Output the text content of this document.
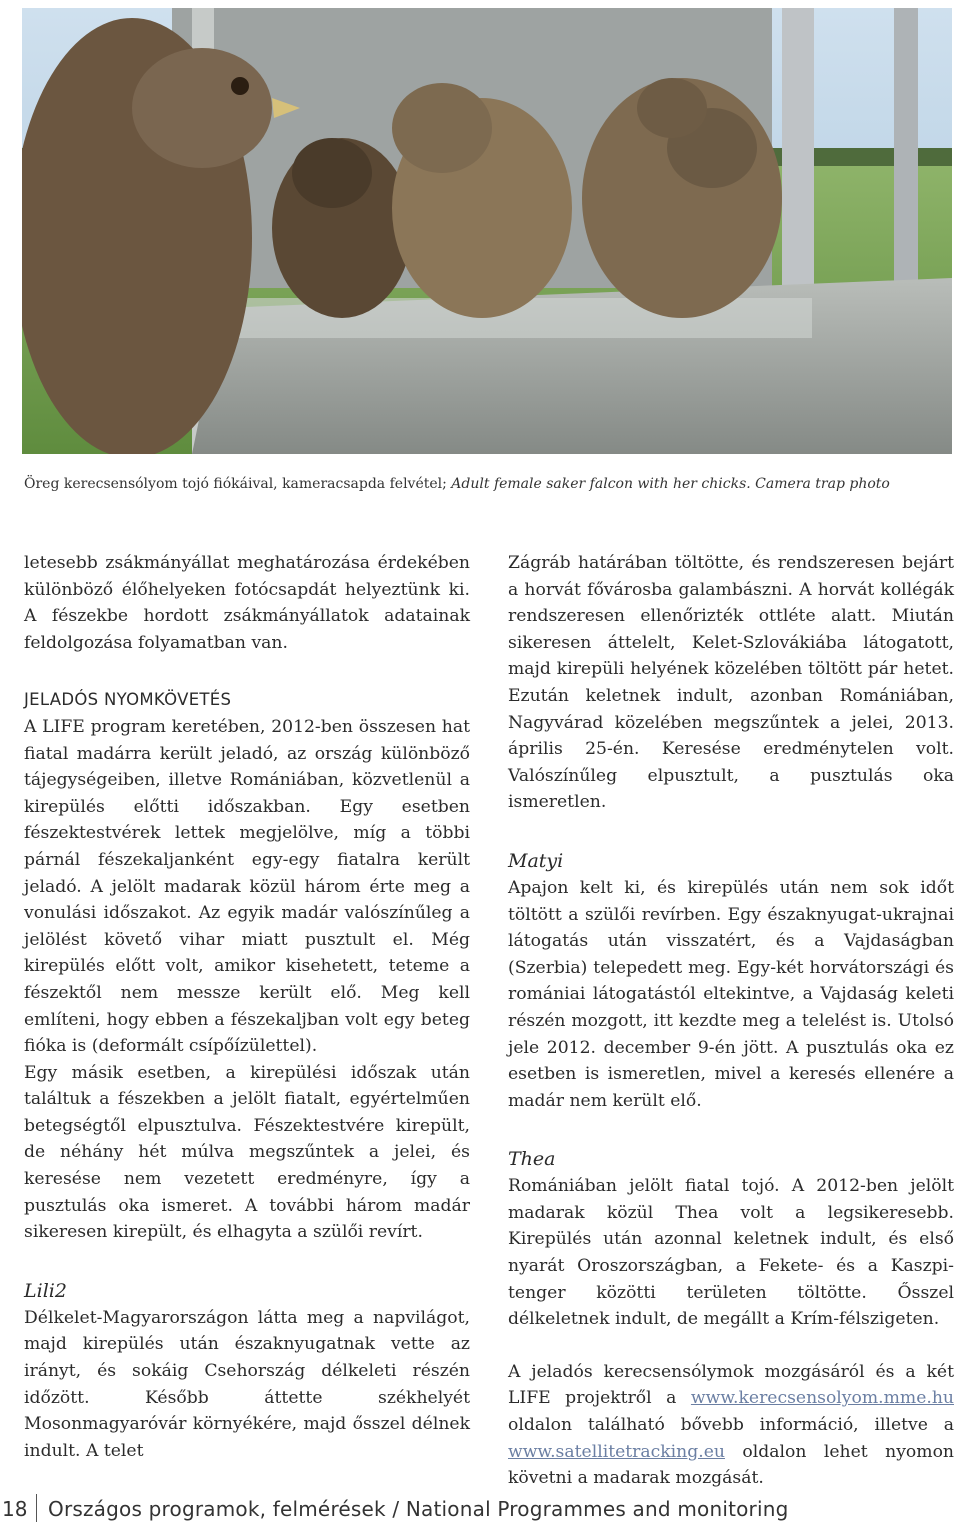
Öreg kerecsensólyom tojó fiókáival, kameracsapda felvétel; Adult female saker falcon with her chicks. Camera trap photo

letesebb zsákmányállat meghatározása érdekében különböző élőhelyeken fotócsapdát helyeztünk ki. A fészekbe hordott zsákmányállatok adatainak feldolgozása folyamatban van.

JELADÓS NYOMKÖVETÉS

A LIFE program keretében, 2012-ben összesen hat fiatal madárra került jeladó, az ország különböző tájegységeiben, illetve Romániában, közvetlenül a kirepülés előtti időszakban. Egy esetben fészektestvérek lettek megjelölve, míg a többi párnál fészekaljanként egy-egy fiatalra került jeladó. A jelölt madarak közül három érte meg a vonulási időszakot. Az egyik madár valószínűleg a jelölést követő vihar miatt pusztult el. Még kirepülés előtt volt, amikor kisehetett, teteme a fészektől nem messze került elő. Meg kell említeni, hogy ebben a fészekaljban volt egy beteg fióka is (deformált csípőízülettel).

Egy másik esetben, a kirepülési időszak után találtuk a fészekben a jelölt fiatalt, egyértelműen betegségtől elpusztulva. Fészektestvére kirepült, de néhány hét múlva megszűntek a jelei, és keresése nem vezetett eredményre, így a pusztulás oka ismeret. A további három madár sikeresen kirepült, és elhagyta a szülői revírt.

Lili2

Délkelet-Magyarországon látta meg a napvilágot, majd kirepülés után északnyugatnak vette az irányt, és sokáig Csehország délkeleti részén időzött. Később áttette székhelyét Mosonmagyaróvár környékére, majd ősszel délnek indult. A telet

Zágráb határában töltötte, és rendszeresen bejárt a horvát fővárosba galambászni. A horvát kollégák rendszeresen ellenőrizték ottléte alatt. Miután sikeresen áttelelt, Kelet-Szlovákiába látogatott, majd kirepüli helyének közelében töltött pár hetet. Ezután keletnek indult, azonban Romániában, Nagyvárad közelében megszűntek a jelei, 2013. április 25-én. Keresése eredménytelen volt. Valószínűleg elpusztult, a pusztulás oka ismeretlen.

Matyi

Apajon kelt ki, és kirepülés után nem sok időt töltött a szülői revírben. Egy északnyugat-ukrajnai látogatás után visszatért, és a Vajdaságban (Szerbia) telepedett meg. Egy-két horvátországi és romániai látogatástól eltekintve, a Vajdaság keleti részén mozgott, itt kezdte meg a telelést is. Utolsó jele 2012. december 9-én jött. A pusztulás oka ez esetben is ismeretlen, mivel a keresés ellenére a madár nem került elő.

Thea

Romániában jelölt fiatal tojó. A 2012-ben jelölt madarak közül Thea volt a legsikeresebb. Kirepülés után azonnal keletnek indult, és első nyarát Oroszországban, a Fekete- és a Kaszpi-tenger közötti területen töltötte. Ősszel délkeletnek indult, de megállt a Krím-félszigeten.

A jeladós kerecsensólymok mozgásáról és a két LIFE projektről a www.kerecsensolyom.mme.hu oldalon található bővebb információ, illetve a www.satellitetracking.eu oldalon lehet nyomon követni a madarak mozgását.

18 Országos programok, felmérések / National Programmes and monitoring
